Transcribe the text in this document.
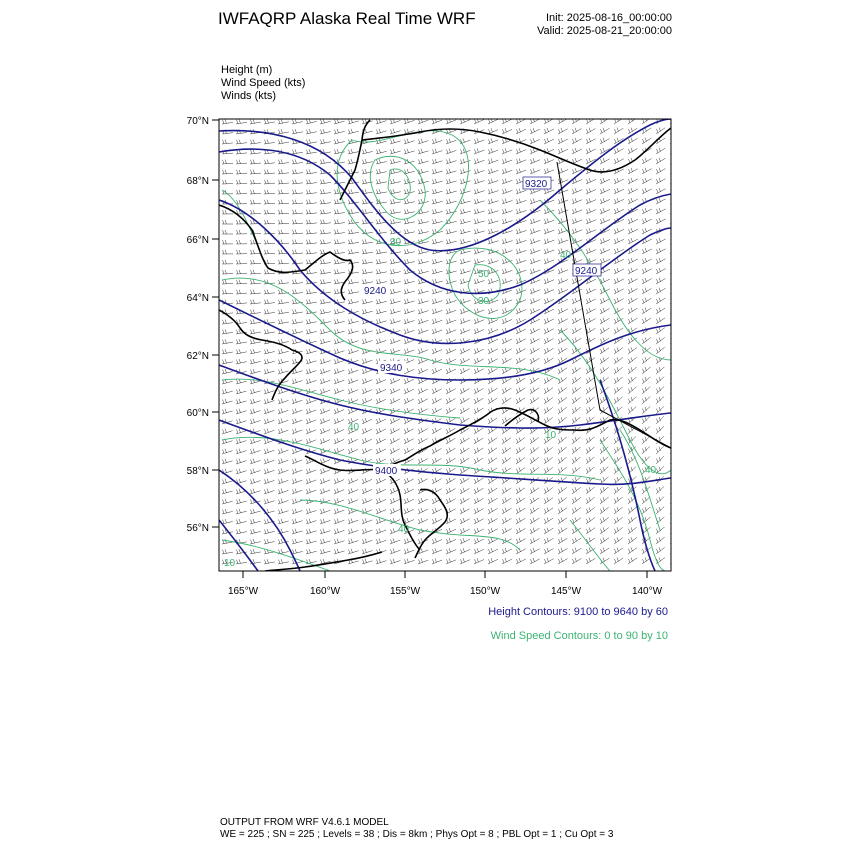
IWFAQRP Alaska Real Time WRF	Init: 2025-08-16_00:00:00
Valid: 2025-08-21_20:00:00
Height (m)
Wind Speed (kts)
Winds (kts)
9320
9240
9240
9340
9400
30
50
30
40
40
10
40
40
10
70°N
68°N
66°N
64°N
62°N
60°N
58°N
56°N
165°W	160°W	155°W	150°W	145°W	140°W
Height Contours: 9100 to 9640 by 60
Wind Speed Contours: 0 to 90 by 10
OUTPUT FROM WRF V4.6.1 MODEL
WE = 225 ; SN = 225 ; Levels = 38 ; Dis = 8km ; Phys Opt = 8 ; PBL Opt = 1 ; Cu Opt = 3
